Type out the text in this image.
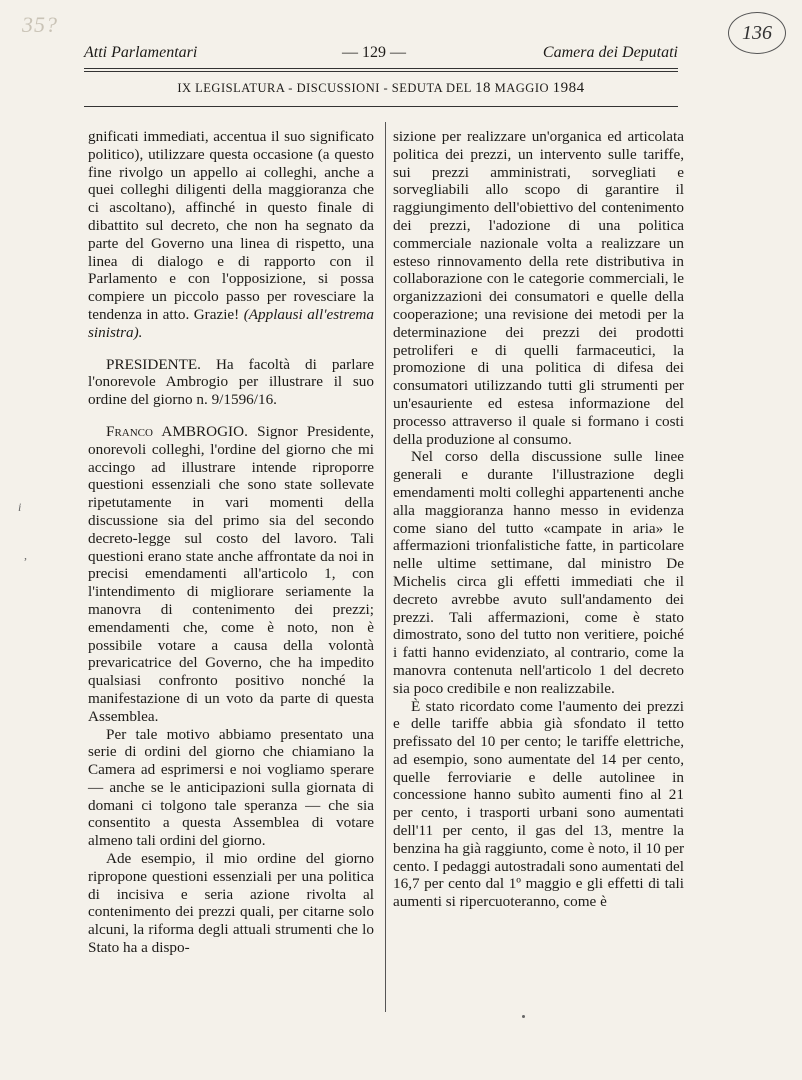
35?	136
Atti Parlamentari	— 129 —	Camera dei Deputati
IX LEGISLATURA - DISCUSSIONI - SEDUTA DEL 18 MAGGIO 1984
i
,

gnificati immediati, accentua il suo significato politico), utilizzare questa occasione (a questo fine rivolgo un appello ai colleghi, anche a quei colleghi diligenti della maggioranza che ci ascoltano), affinché in questo finale di dibattito sul decreto, che non ha segnato da parte del Governo una linea di rispetto, una linea di dialogo e di rapporto con il Parlamento e con l'opposizione, si possa compiere un piccolo passo per rovesciare la tendenza in atto. Grazie! (Applausi all'estrema sinistra).

PRESIDENTE. Ha facoltà di parlare l'onorevole Ambrogio per illustrare il suo ordine del giorno n. 9/1596/16.

Franco AMBROGIO. Signor Presidente, onorevoli colleghi, l'ordine del giorno che mi accingo ad illustrare intende riproporre questioni essenziali che sono state sollevate ripetutamente in vari momenti della discussione sia del primo sia del secondo decreto-legge sul costo del lavoro. Tali questioni erano state anche affrontate da noi in precisi emendamenti all'articolo 1, con l'intendimento di migliorare seriamente la manovra di contenimento dei prezzi; emendamenti che, come è noto, non è possibile votare a causa della volontà prevaricatrice del Governo, che ha impedito qualsiasi confronto positivo nonché la manifestazione di un voto da parte di questa Assemblea.

Per tale motivo abbiamo presentato una serie di ordini del giorno che chiamiano la Camera ad esprimersi e noi vogliamo sperare — anche se le anticipazioni sulla giornata di domani ci tolgono tale speranza — che sia consentito a questa Assemblea di votare almeno tali ordini del giorno.

Ade esempio, il mio ordine del giorno ripropone questioni essenziali per una politica di incisiva e seria azione rivolta al contenimento dei prezzi quali, per citarne solo alcuni, la riforma degli attuali strumenti che lo Stato ha a dispo-

sizione per realizzare un'organica ed articolata politica dei prezzi, un intervento sulle tariffe, sui prezzi amministrati, sorvegliati e sorvegliabili allo scopo di garantire il raggiungimento dell'obiettivo del contenimento dei prezzi, l'adozione di una politica commerciale nazionale volta a realizzare un esteso rinnovamento della rete distributiva in collaborazione con le categorie commerciali, le organizzazioni dei consumatori e quelle della cooperazione; una revisione dei metodi per la determinazione dei prezzi dei prodotti petroliferi e di quelli farmaceutici, la promozione di una politica di difesa dei consumatori utilizzando tutti gli strumenti per un'esauriente ed estesa informazione del processo attraverso il quale si formano i costi della produzione al consumo.

Nel corso della discussione sulle linee generali e durante l'illustrazione degli emendamenti molti colleghi appartenenti anche alla maggioranza hanno messo in evidenza come siano del tutto «campate in aria» le affermazioni trionfalistiche fatte, in particolare nelle ultime settimane, dal ministro De Michelis circa gli effetti immediati che il decreto avrebbe avuto sull'andamento dei prezzi. Tali affermazioni, come è stato dimostrato, sono del tutto non veritiere, poiché i fatti hanno evidenziato, al contrario, come la manovra contenuta nell'articolo 1 del decreto sia poco credibile e non realizzabile.

È stato ricordato come l'aumento dei prezzi e delle tariffe abbia già sfondato il tetto prefissato del 10 per cento; le tariffe elettriche, ad esempio, sono aumentate del 14 per cento, quelle ferroviarie e delle autolinee in concessione hanno subìto aumenti fino al 21 per cento, i trasporti urbani sono aumentati dell'11 per cento, il gas del 13, mentre la benzina ha già raggiunto, come è noto, il 10 per cento. I pedaggi autostradali sono aumentati del 16,7 per cento dal 1º maggio e gli effetti di tali aumenti si ripercuoteranno, come è
